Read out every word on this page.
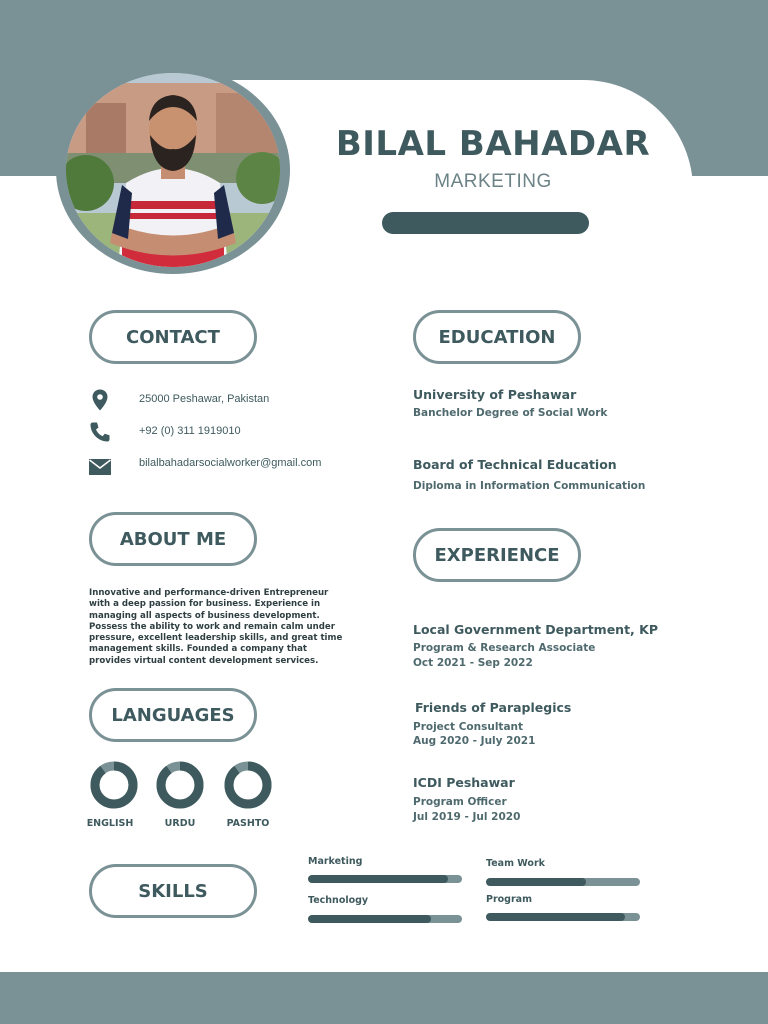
BILAL BAHADAR
MARKETING
CONTACT
25000 Peshawar, Pakistan
+92 (0) 311 1919010
bilalbahadarsocialworker@gmail.com
ABOUT ME
Innovative and performance-driven Entrepreneur with a deep passion for business. Experience in managing all aspects of business development. Possess the ability to work and remain calm under pressure, excellent leadership skills, and great time management skills. Founded a company that provides virtual content development services.
LANGUAGES
90%	90%	90%
ENGLISH	URDU	PASHTO
EDUCATION
University of Peshawar
Banchelor Degree of Social Work
Board of Technical Education
Diploma in Information Communication
EXPERIENCE
Local Government Department, KP
Program & Research Associate
Oct 2021 - Sep 2022
Friends of Paraplegics
Project Consultant
Aug 2020 - July 2021
ICDI Peshawar
Program Officer
Jul 2019 - Jul 2020
SKILLS
Marketing	Team Work
Technology	Program
